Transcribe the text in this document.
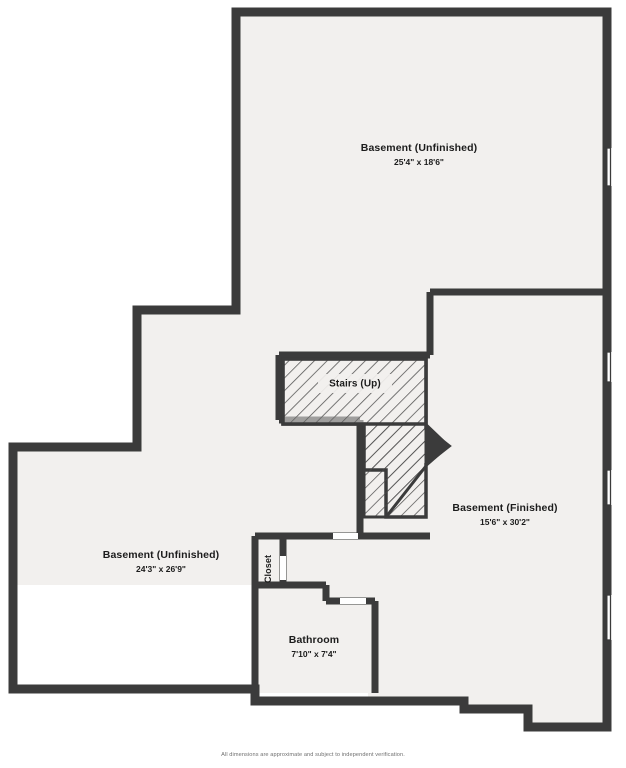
Basement (Unfinished)
25'4" x 18'6"
Stairs (Up)
Basement (Finished)
15'6" x 30'2"
Basement (Unfinished)
24'3" x 26'9"
Bathroom
7'10" x 7'4"
Closet
All dimensions are approximate and subject to independent verification.
